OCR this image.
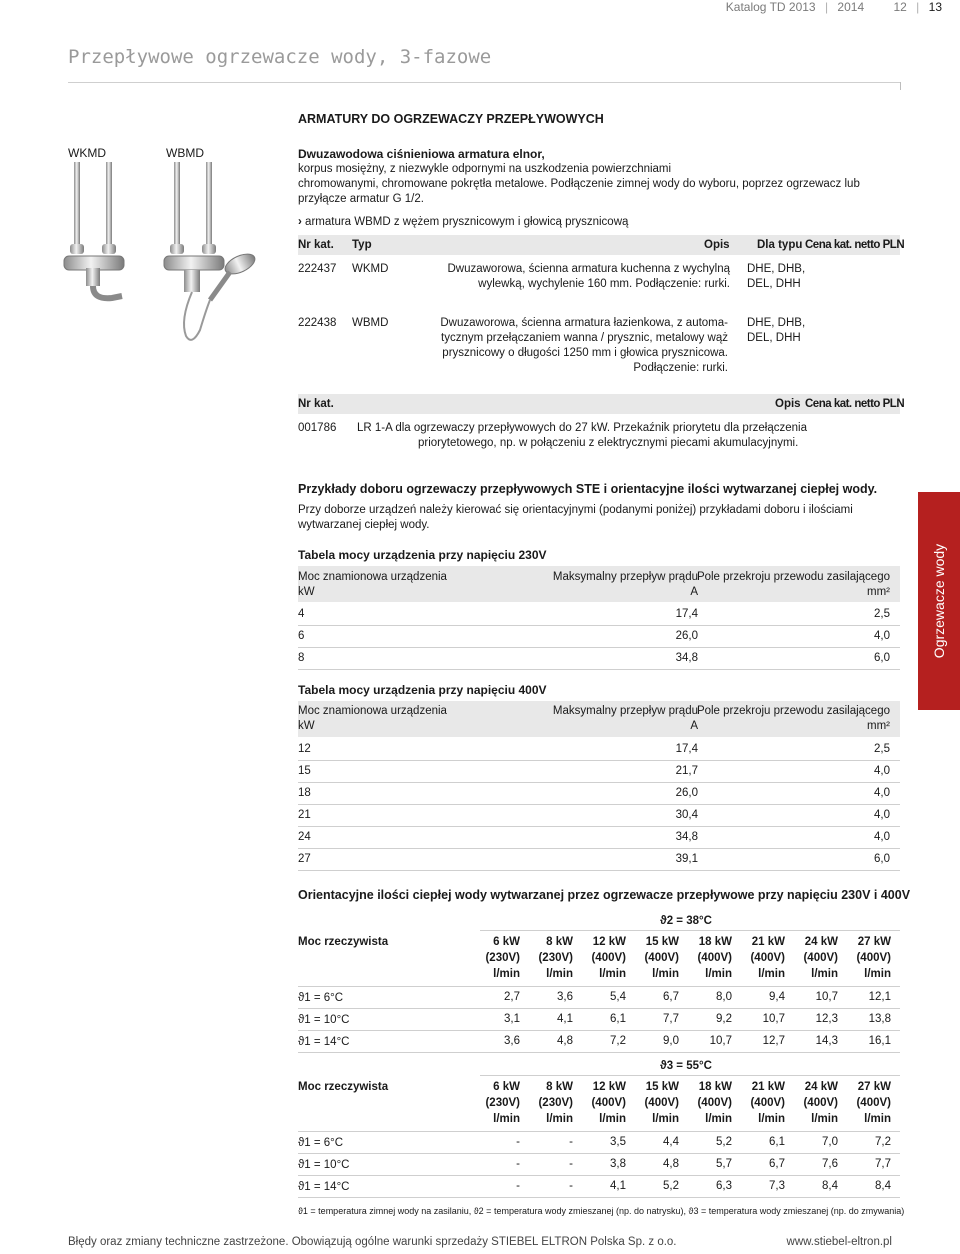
Katalog TD 2013 | 2014 12 | 13
Przepływowe ogrzewacze wody, 3-fazowe
ARMATURY DO OGRZEWACZY PRZEPŁYWOWYCH
WKMD	WBMD	Dwuzawodowa ciśnieniowa armatura elnor,
korpus mosiężny, z niezwykle odpornymi na uszkodzenia powierzchniami
chromowanymi, chromowane pokrętła metalowe. Podłączenie zimnej wody do wyboru, poprzez ogrzewacz lub
przyłącze armatur G 1/2.
› armatura WBMD z wężem prysznicowym i głowicą prysznicową
Nr kat. Typ	Opis Dla typu Cena kat. netto PLN
222437 WKMD	Dwuzaworowa, ścienna armatura kuchenna z wychylną
wylewką, wychylenie 160 mm. Podłączenie: rurki.
DHE, DHB,
DEL, DHH
222438 WBMD	Dwuzaworowa, ścienna armatura łazienkowa, z automa-
tycznym przełączaniem wanna / prysznic, metalowy wąż
prysznicowy o długości 1250 mm i głowica prysznicowa.
Podłączenie: rurki.
DHE, DHB,
DEL, DHH
Nr kat.	Opis Cena kat. netto PLN
001786 LR 1-A dla ogrzewaczy przepływowych do 27 kW. Przekaźnik priorytetu dla przełączenia
priorytetowego, np. w połączeniu z elektrycznymi piecami akumulacyjnymi.
Przykłady doboru ogrzewaczy przepływowych STE i orientacyjne ilości wytwarzanej ciepłej wody.
Przy doborze urządzeń należy kierować się orientacyjnymi (podanymi poniżej) przykładami doboru i ilościami
wytwarzanej ciepłej wody.
Tabela mocy urządzenia przy napięciu 230V
Moc znamionowa urządzenia
kW
Maksymalny przepływ prądu
A
Pole przekroju przewodu zasilającego
mm²
4	17,4	2,5
6	26,0	4,0
8	34,8	6,0
Tabela mocy urządzenia przy napięciu 400V
Moc znamionowa urządzenia
kW
Maksymalny przepływ prądu
A
Pole przekroju przewodu zasilającego
mm²
12	17,4	2,5
15	21,7	4,0
18	26,0	4,0
21	30,4	4,0
24	34,8	4,0
27	39,1	6,0
Orientacyjne ilości ciepłej wody wytwarzanej przez ogrzewacze przepływowe przy napięciu 230V i 400V
ϑ2 = 38°C
Moc rzeczywista	6 kW
(230V)
l/min
8 kW
(230V)
l/min
12 kW
(400V)
l/min
15 kW
(400V)
l/min
18 kW
(400V)
l/min
21 kW
(400V)
l/min
24 kW
(400V)
l/min
27 kW
(400V)
l/min
ϑ1 = 6°C	2,7	3,6	5,4	6,7	8,0	9,4	10,7	12,1
ϑ1 = 10°C	3,1	4,1	6,1	7,7	9,2	10,7	12,3	13,8
ϑ1 = 14°C	3,6	4,8	7,2	9,0	10,7	12,7	14,3	16,1
ϑ3 = 55°C
Moc rzeczywista	6 kW
(230V)
l/min
8 kW
(230V)
l/min
12 kW
(400V)
l/min
15 kW
(400V)
l/min
18 kW
(400V)
l/min
21 kW
(400V)
l/min
24 kW
(400V)
l/min
27 kW
(400V)
l/min
ϑ1 = 6°C	-	-	3,5	4,4	5,2	6,1	7,0	7,2
ϑ1 = 10°C	-	-	3,8	4,8	5,7	6,7	7,6	7,7
ϑ1 = 14°C	-	-	4,1	5,2	6,3	7,3	8,4	8,4
ϑ1 = temperatura zimnej wody na zasilaniu, ϑ2 = temperatura wody zmieszanej (np. do natrysku), ϑ3 = temperatura wody zmieszanej (np. do zmywania)
Ogrzewacze wody
Błędy oraz zmiany techniczne zastrzeżone. Obowiązują ogólne warunki sprzedaży STIEBEL ELTRON Polska Sp. z o.o.	www.stiebel-eltron.pl
